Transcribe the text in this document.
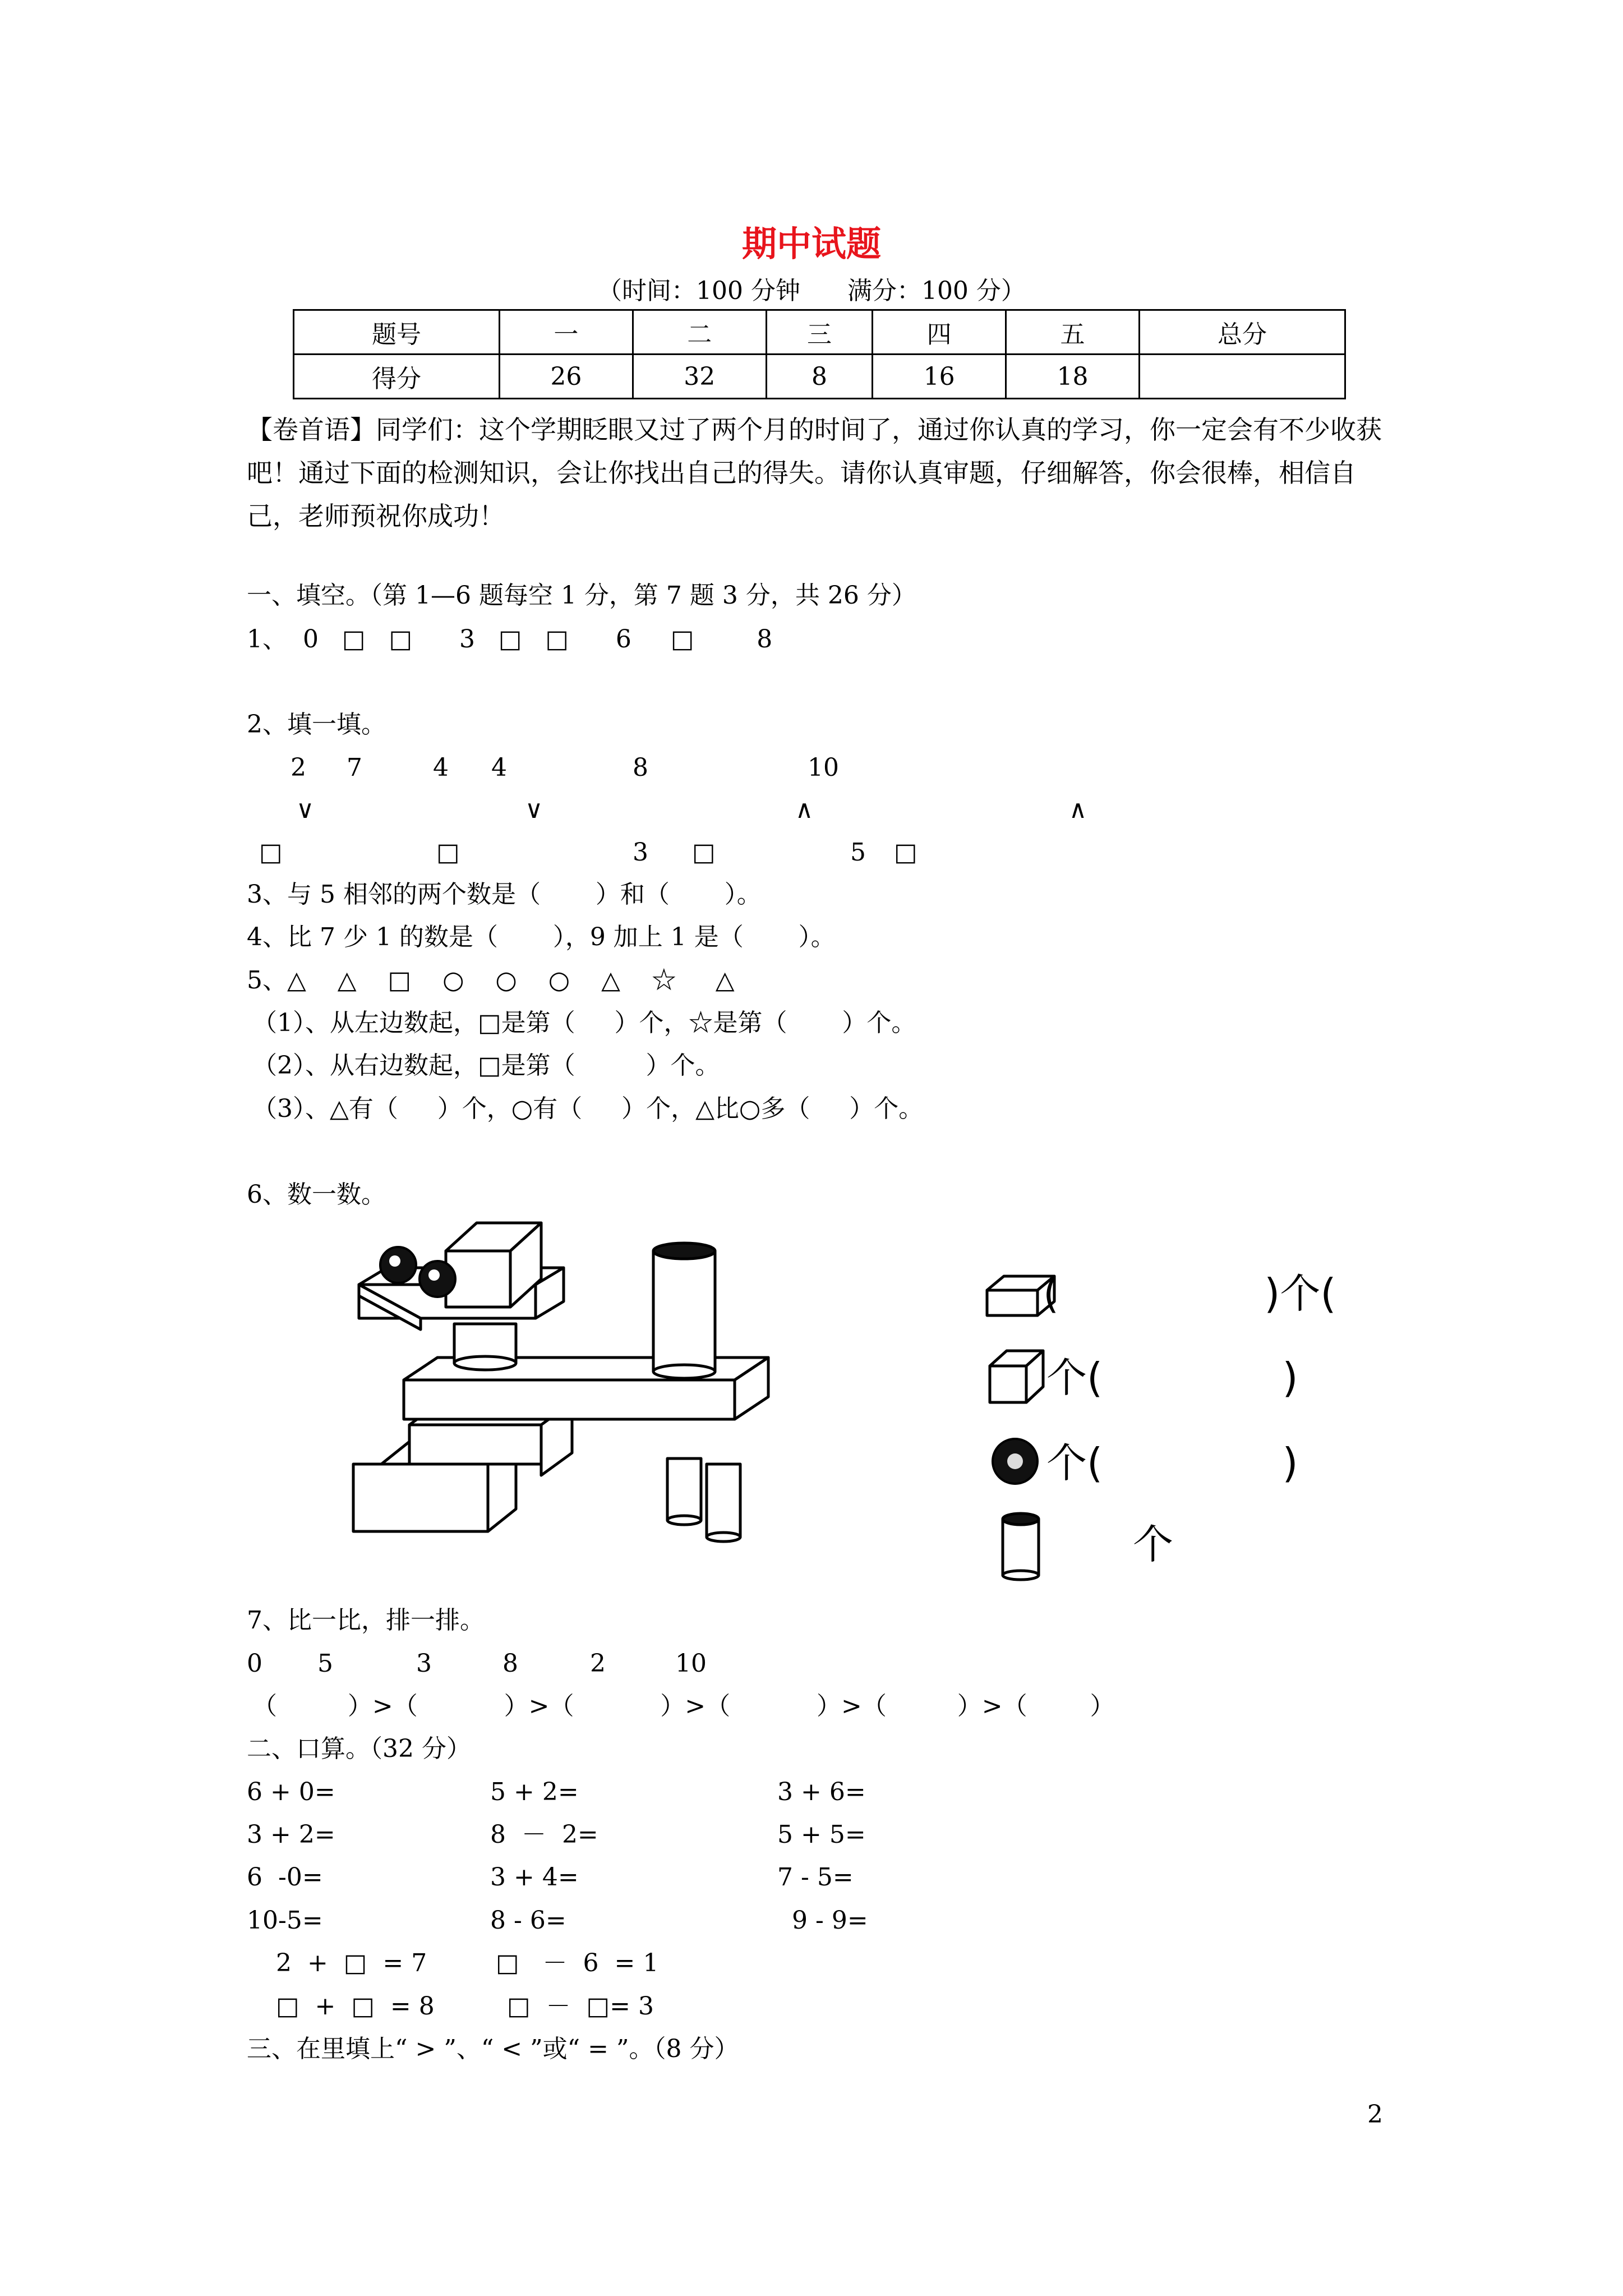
期中试题
（时间：100 分钟      满分：100 分）
题号	一	二	三	四	五	总分
得分	26	32	8	16	18	
【卷首语】同学们：这个学期眨眼又过了两个月的时间了，通过你认真的学习，你一定会有不少收获吧！通过下面的检测知识，会让你找出自己的得失。请你认真审题，仔细解答，你会很棒，相信自己，老师预祝你成功！
一、填空。（第 1—6 题每空 1 分，第 7 题 3 分，共 26 分）
1、  0   □   □      3   □   □      6     □        8
2、填一填。
2 7	4 4	8	10
∨	∨	∧	∧
□	□	3 □	5 □
3、与 5 相邻的两个数是（       ）和（       ）。
4、比 7 少 1 的数是（       ），9 加上 1 是（       ）。
5、△    △    □    ○    ○    ○    △    ☆     △
（1）、从左边数起，□是第（     ）个，☆是第（       ）个。
（2）、从右边数起，□是第（         ）个。
（3）、△有（     ）个，○有（     ）个，△比○多（     ）个。
6、数一数。
(                )个(
个(              )
个(              )
个
7、比一比，排一排。
0 5	3	8	2	10
（         ）>（           ）>（           ）>（           ）>（         ）>（        ）
二、口算。（32 分）
6 + 0=	5 + 2=	3 + 6=
3 + 2=	8  －  2=	5 + 5=
6  -0=	3 + 4=	7 - 5=
10-5=	8 - 6=	9 - 9=
2  +  □  = 7	□   －  6  = 1
□  +  □  = 8	□  －  □= 3
三、在里填上“ > ”、“ < ”或“ = ”。（8 分）
2
